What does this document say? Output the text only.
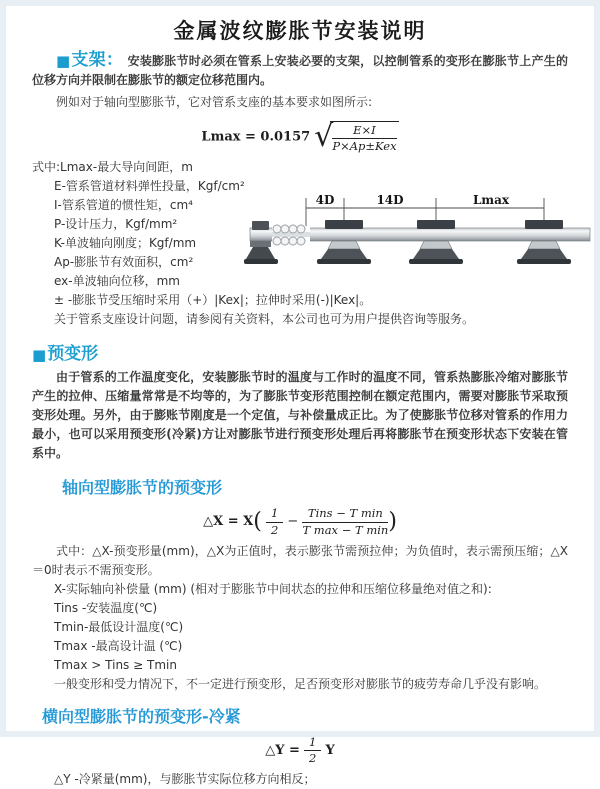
金属波纹膨胀节安装说明

■支架： 安装膨胀节时必须在管系上安装必要的支架，以控制管系的变形在膨胀节上产生的位移方向并限制在膨胀节的额定位移范围内。

例如对于轴向型膨胀节，它对管系支座的基本要求如图所示:

Lmax = 0.0157 √ $\frac{E\times I}{\text{P×Ap±Kex}}$
式中:Lmax-最大导向间距，m
E-管系管道材料弹性投量，Kgf/cm²
I-管系管道的惯性矩，cm⁴
P-设计压力，Kgf/mm²
K-单波轴向刚度；Kgf/mm
Ap-膨胀节有效面积，cm²
ex-单波轴向位移，mm
± -膨胀节受压缩时采用（+）|Kex|；拉伸时采用(-)|Kex|。
关于管系支座设计问题，请参阅有关资料，本公司也可为用户提供咨询等服务。
4D	14D	Lmax
■预变形

由于管系的工作温度变化，安装膨胀节时的温度与工作时的温度不同，管系热膨胀冷缩对膨胀节产生的拉伸、压缩量常常是不均等的，为了膨胀节变形范围控制在额定范围内，需要对膨胀节采取预变形处理。另外，由于膨账节刚度是一个定值，与补偿量成正比。为了使膨胀节位移对管系的作用力最小，也可以采用预变形(冷紧)方让对膨胀节进行预变形处理后再将膨胀节在预变形状态下安装在管系中。

轴向型膨胀节的预变形
△X = $X( \frac{1}{2} - \frac{\text{Tins − T min}}{\text{T max − T min}}$ )
式中：△X-预变形量(mm)，△X为正值时，表示膨张节需预拉伸；为负值时，表示需预压缩；△X＝0时表示不需预变形。
X-实际轴向补偿量 (mm) (相对于膨胀节中间状态的拉伸和压缩位移量绝对值之和):
Tins -安装温度(℃)
Tmin-最低设计温度(℃)
Tmax -最高设计温 (℃)
Tmax > Tins ≥ Tmin
一般变形和受力情况下，不一定进行预变形，足否预变形对膨胀节的疲劳寿命几乎没有影响。
横向型膨胀节的预变形-冷紧
△Y = $\frac{1}{2}$ Y
△Y -冷紧量(mm)，与膨胀节实际位移方向相反；
